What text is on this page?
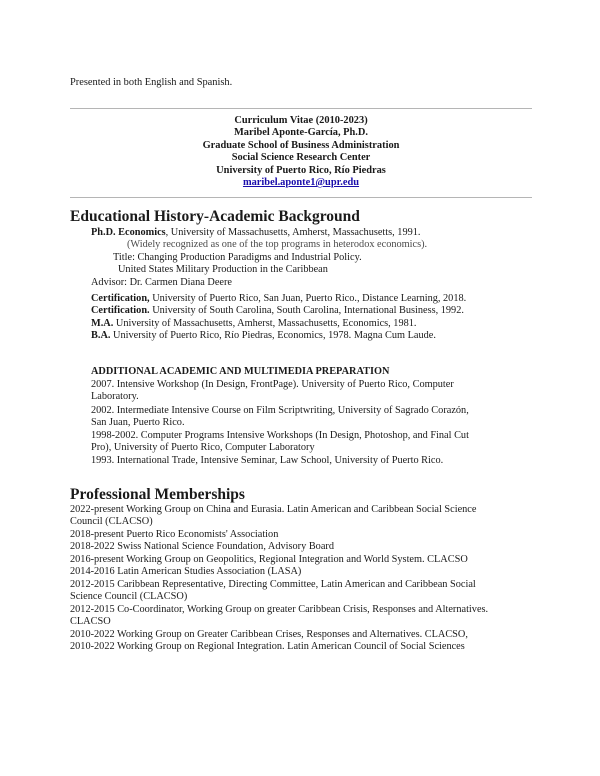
Presented in both English and Spanish.
Curriculum Vitae (2010-2023)
Maribel Aponte-García, Ph.D.
Graduate School of Business Administration
Social Science Research Center
University of Puerto Rico, Río Piedras
maribel.aponte1@upr.edu
Educational History-Academic Background
Ph.D. Economics, University of Massachusetts, Amherst, Massachusetts, 1991.
(Widely recognized as one of the top programs in heterodox economics).
Title: Changing Production Paradigms and Industrial Policy.
United States Military Production in the Caribbean
Advisor: Dr. Carmen Diana Deere
Certification, University of Puerto Rico, San Juan, Puerto Rico., Distance Learning, 2018.
Certification. University of South Carolina, South Carolina, International Business, 1992.
M.A. University of Massachusetts, Amherst, Massachusetts, Economics, 1981.
B.A. University of Puerto Rico, Río Piedras, Economics, 1978. Magna Cum Laude.
ADDITIONAL ACADEMIC AND MULTIMEDIA PREPARATION
2007. Intensive Workshop (In Design, FrontPage). University of Puerto Rico, Computer
Laboratory.
2002. Intermediate Intensive Course on Film Scriptwriting, University of Sagrado Corazón,
San Juan, Puerto Rico.
1998-2002. Computer Programs Intensive Workshops (In Design, Photoshop, and Final Cut
Pro), University of Puerto Rico, Computer Laboratory
1993. International Trade, Intensive Seminar, Law School, University of Puerto Rico.
Professional Memberships
2022-present Working Group on China and Eurasia. Latin American and Caribbean Social Science
Council (CLACSO)
2018-present Puerto Rico Economists' Association
2018-2022 Swiss National Science Foundation, Advisory Board
2016-present Working Group on Geopolitics, Regional Integration and World System. CLACSO
2014-2016 Latin American Studies Association (LASA)
2012-2015 Caribbean Representative, Directing Committee, Latin American and Caribbean Social
Science Council (CLACSO)
2012-2015 Co-Coordinator, Working Group on greater Caribbean Crisis, Responses and Alternatives.
CLACSO
2010-2022 Working Group on Greater Caribbean Crises, Responses and Alternatives. CLACSO,
2010-2022 Working Group on Regional Integration. Latin American Council of Social Sciences
